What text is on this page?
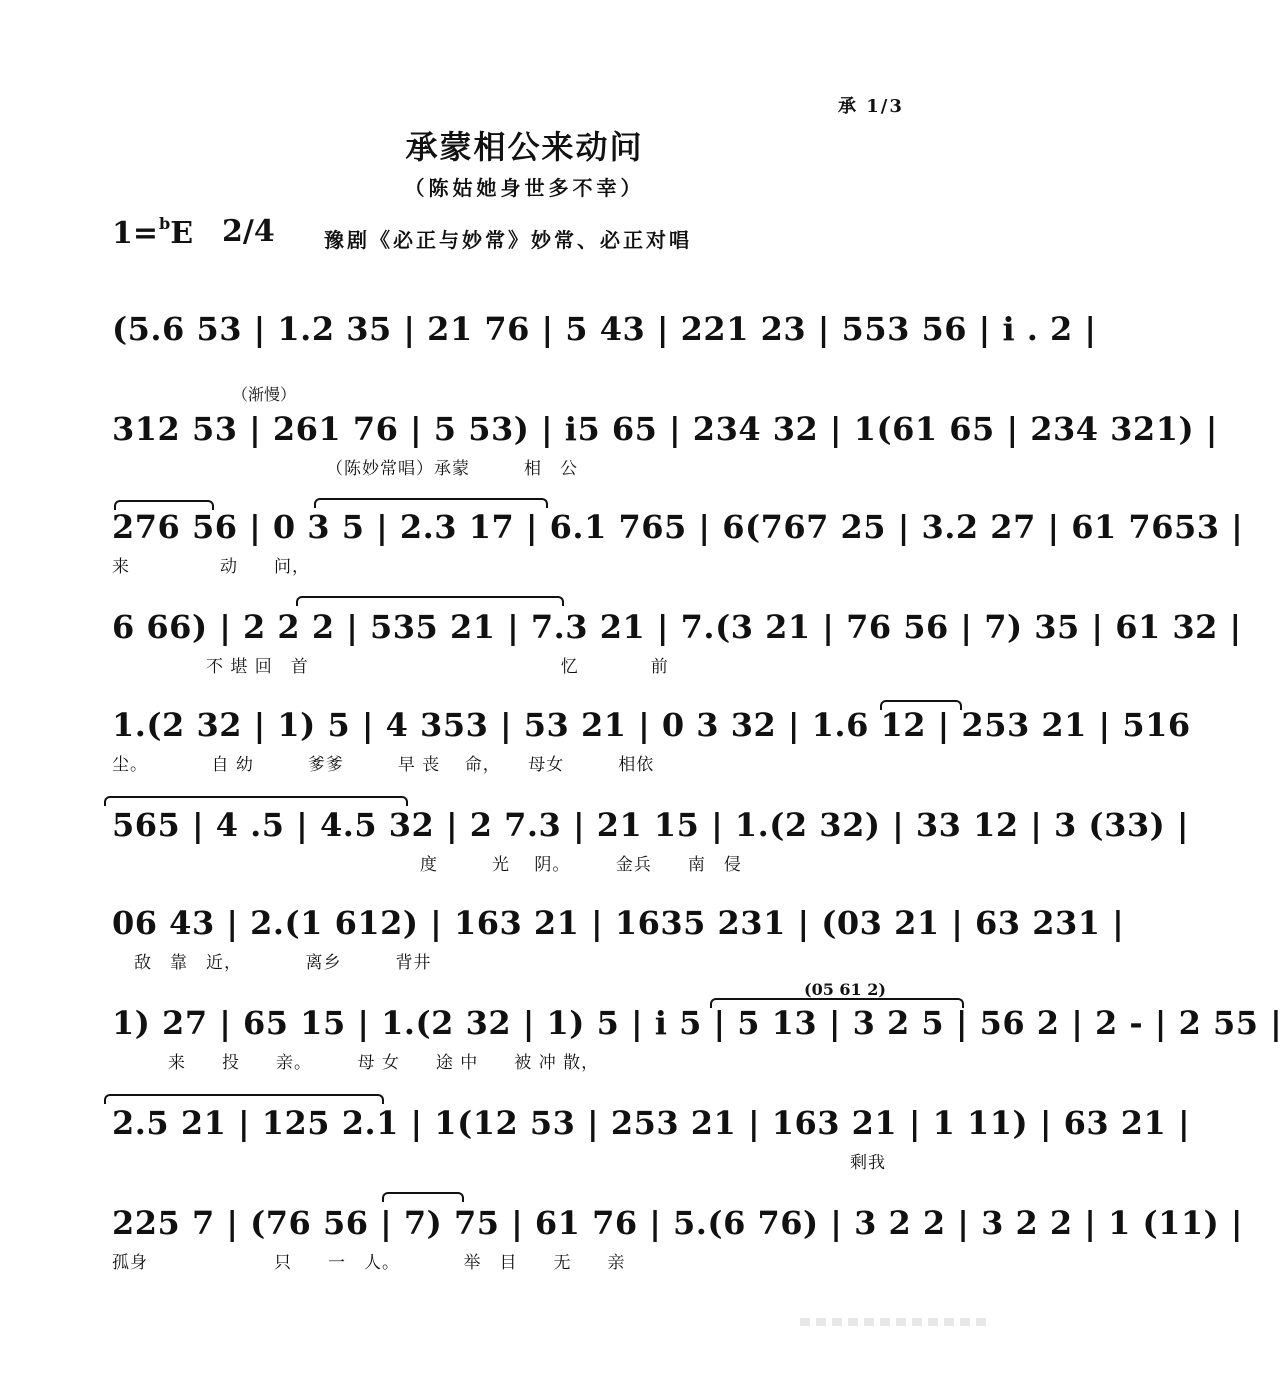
承 1/3
承蒙相公来动问
（陈姑她身世多不幸）
1=$^b$E 2/4 豫剧《必正与妙常》妙常、必正对唱
(5.6 53 | 1.2 35 | 21 76 | 5 43 | 221 23 | 553 56 | i . 2 |
（渐慢）
312 53 | 261 76 | 5 53) | i5 65 | 234 32 | 1(61 65 | 234 321) |
（陈妙常唱）承蒙　　　相　公
276 56 | 0 3 5 | 2.3 17 | 6.1 765 | 6(767 25 | 3.2 27 | 61 7653 |
来　　　　　动　　问，
6 66) | 2 2 2 | 535 21 | 7.3 21 | 7.(3 21 | 76 56 | 7) 35 | 61 32 |
不 堪 回　首　　　　　　　　　　　　　　忆　　　　前
1.(2 32 | 1) 5 | 4 353 | 53 21 | 0 3 32 | 1.6 12 | 253 21 | 516
尘。　　　　自 幼　　　爹爹　　　早 丧　 命，　　母女　　　相依
565 | 4 .5 | 4.5 32 | 2 7.3 | 21 15 | 1.(2 32) | 33 12 | 3 (33) |
度　　　光　 阴。　　　金兵　　南　侵
06 43 | 2.(1 612) | 163 21 | 1635 231 | (03 21 | 63 231 |
敌　靠　近，　　　　离乡　　　背井
(05 61 2)
1) 27 | 65 15 | 1.(2 32 | 1) 5 | i 5 | 5 13 | 3 2 5 | 56 2 | 2 - | 2 55 |
来　　投　　亲。　　　母 女　　途 中　　被 冲 散，
2.5 21 | 125 2.1 | 1(12 53 | 253 21 | 163 21 | 1 11) | 63 21 |
剩我
225 7 | (76 56 | 7) 75 | 61 76 | 5.(6 76) | 3 2 2 | 3 2 2 | 1 (11) |
孤身　　　　　　　只　　一　人。　　　　举　目　　无　　亲
